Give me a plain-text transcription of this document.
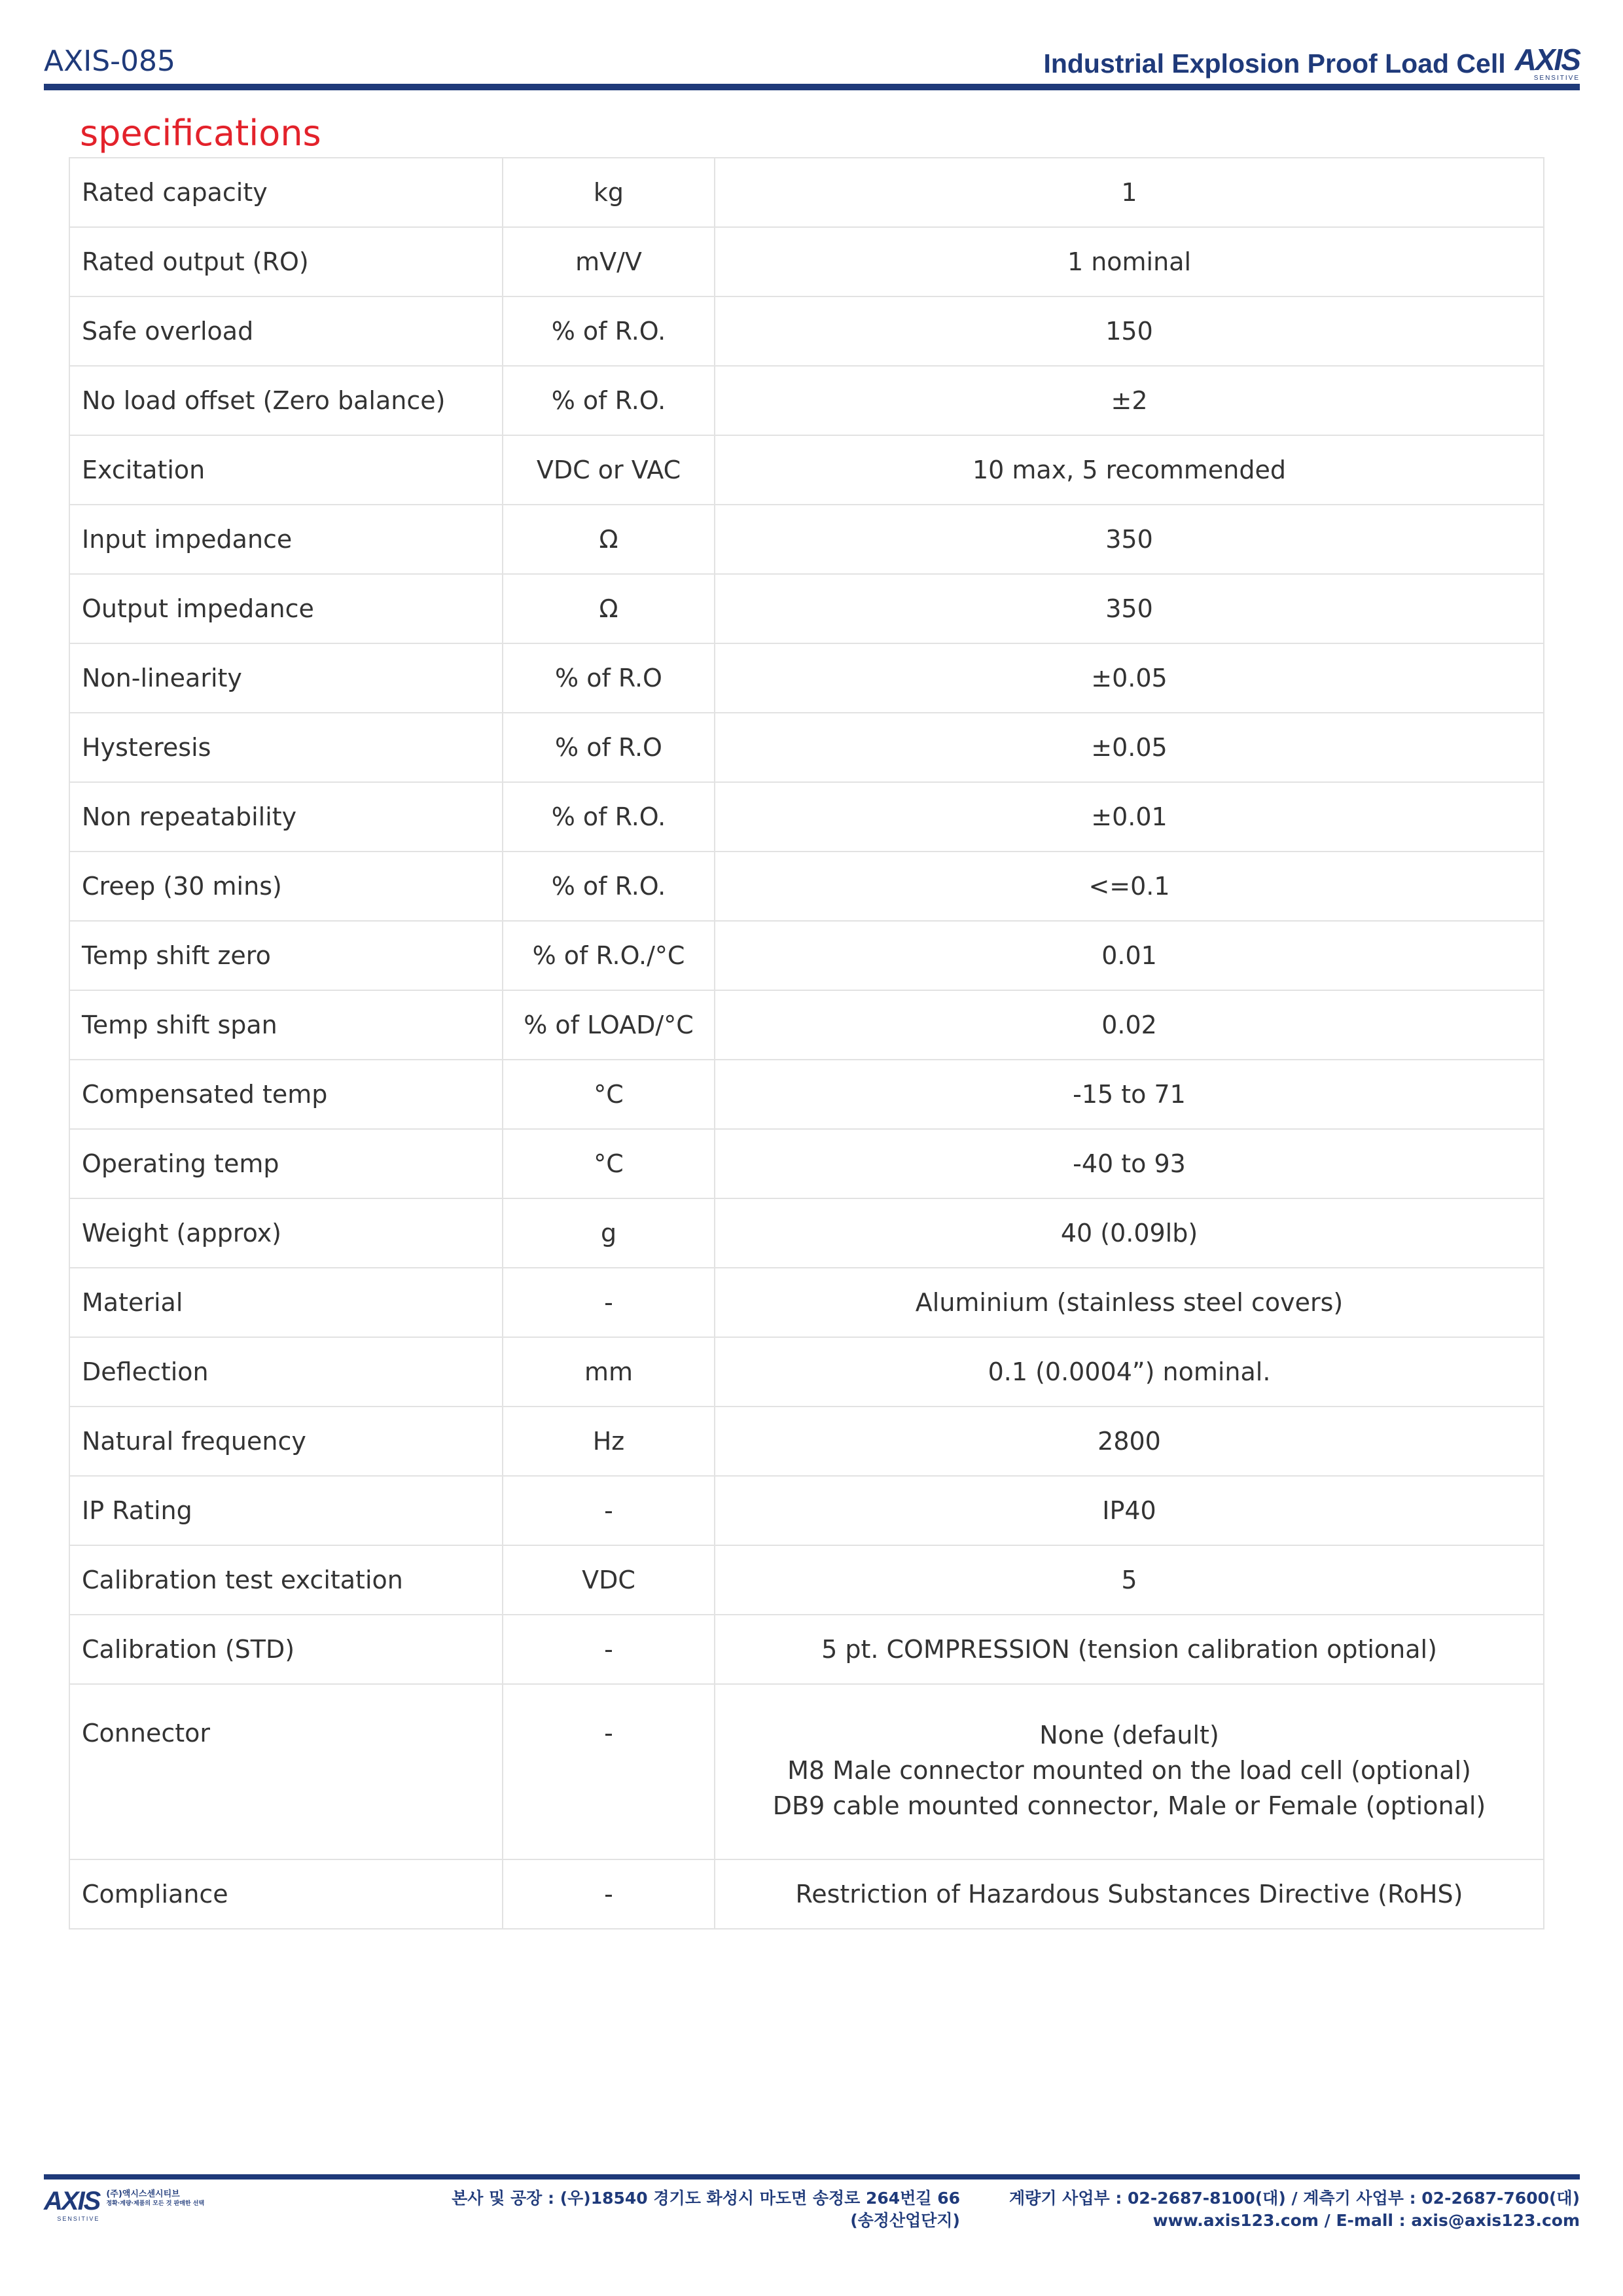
AXIS-085	Industrial Explosion Proof Load Cell AXIS
SENSITIVE
specifications
Rated capacity	kg	1

Rated output (RO)	mV/V	1 nominal

Safe overload	% of R.O.	150

No load offset (Zero balance)	% of R.O.	±2

Excitation	VDC or VAC	10 max, 5 recommended

Input impedance	Ω	350

Output impedance	Ω	350

Non-linearity	% of R.O	±0.05

Hysteresis	% of R.O	±0.05

Non repeatability	% of R.O.	±0.01

Creep (30 mins)	% of R.O.	<=0.1

Temp shift zero	% of R.O./°C	0.01

Temp shift span	% of LOAD/°C	0.02

Compensated temp	°C	-15 to 71

Operating temp	°C	-40 to 93

Weight (approx)	g	40 (0.09lb)

Material	-	Aluminium (stainless steel covers)

Deflection	mm	0.1 (0.0004”) nominal.

Natural frequency	Hz	2800

IP Rating	-	IP40

Calibration test excitation	VDC	5

Calibration (STD)	-	5 pt. COMPRESSION (tension calibration optional)

Connector	-	None (default)
M8 Male connector mounted on the load cell (optional)
DB9 cable mounted connector, Male or Female (optional)

Compliance	-	Restriction of Hazardous Substances Directive (RoHS)
AXIS
SENSITIVE
(주)액시스센시티브
정확·계량·제품의 모든 것 판매한 선택	본사 및 공장 : (우)18540 경기도 화성시 마도면 송정로 264번길 66
(송정산업단지)
계량기 사업부 : 02-2687-8100(대) / 계측기 사업부 : 02-2687-7600(대)
www.axis123.com / E-mall : axis@axis123.com
